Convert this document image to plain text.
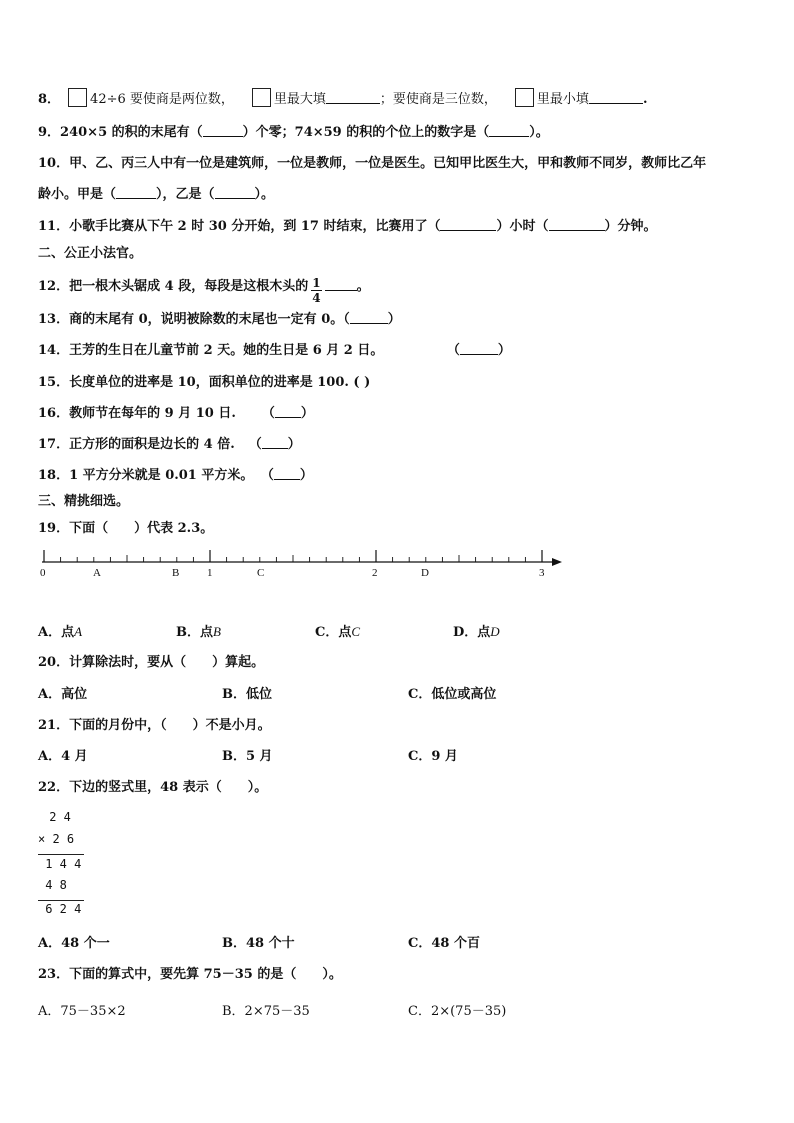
8． 42÷6 要使商是两位数，	里最大填	；要使商是三位数，	里最小填	.
9．240×5 的积的末尾有（	）个零；74×59 的积的个位上的数字是（	）。
10．甲、乙、丙三人中有一位是建筑师，一位是教师，一位是医生。已知甲比医生大，甲和教师不同岁，教师比乙年
龄小。甲是（	），乙是（	）。
11．小歌手比赛从下午 2 时 30 分开始，到 17 时结束，比赛用了（	）小时（	）分钟。
二、公正小法官。
12．把一根木头锯成 4 段，每段是这根木头的 $\frac{1}{4}$	。
13．商的末尾有 0，说明被除数的末尾也一定有 0。（	）
14．王芳的生日在儿童节前 2 天。她的生日是 6 月 2 日。	（	）
15．长度单位的进率是 10，面积单位的进率是 100. ( )
16．教师节在每年的 9 月 10 日. （ ）
17．正方形的面积是边长的 4 倍. （ ）
18．1 平方分米就是 0.01 平方米。 （ ）
三、精挑细选。
19．下面（　　）代表 2.3。
0	1	2	3
A	B	C	D
A．点A	B．点B	C．点C	D．点D
20．计算除法时，要从（　　）算起。
A．高位	B．低位	C．低位或高位
21．下面的月份中，（　　）不是小月。
A．4 月	B．5 月	C．9 月
22．下边的竖式里，48 表示（　　）。
2 4
× 2 6
1 4 4
4 8
6 2 4
A．48 个一	B．48 个十	C．48 个百
23．下面的算式中，要先算 75－35 的是（　　）。
A．75－35×2	B．2×75－35	C．2×(75－35)
